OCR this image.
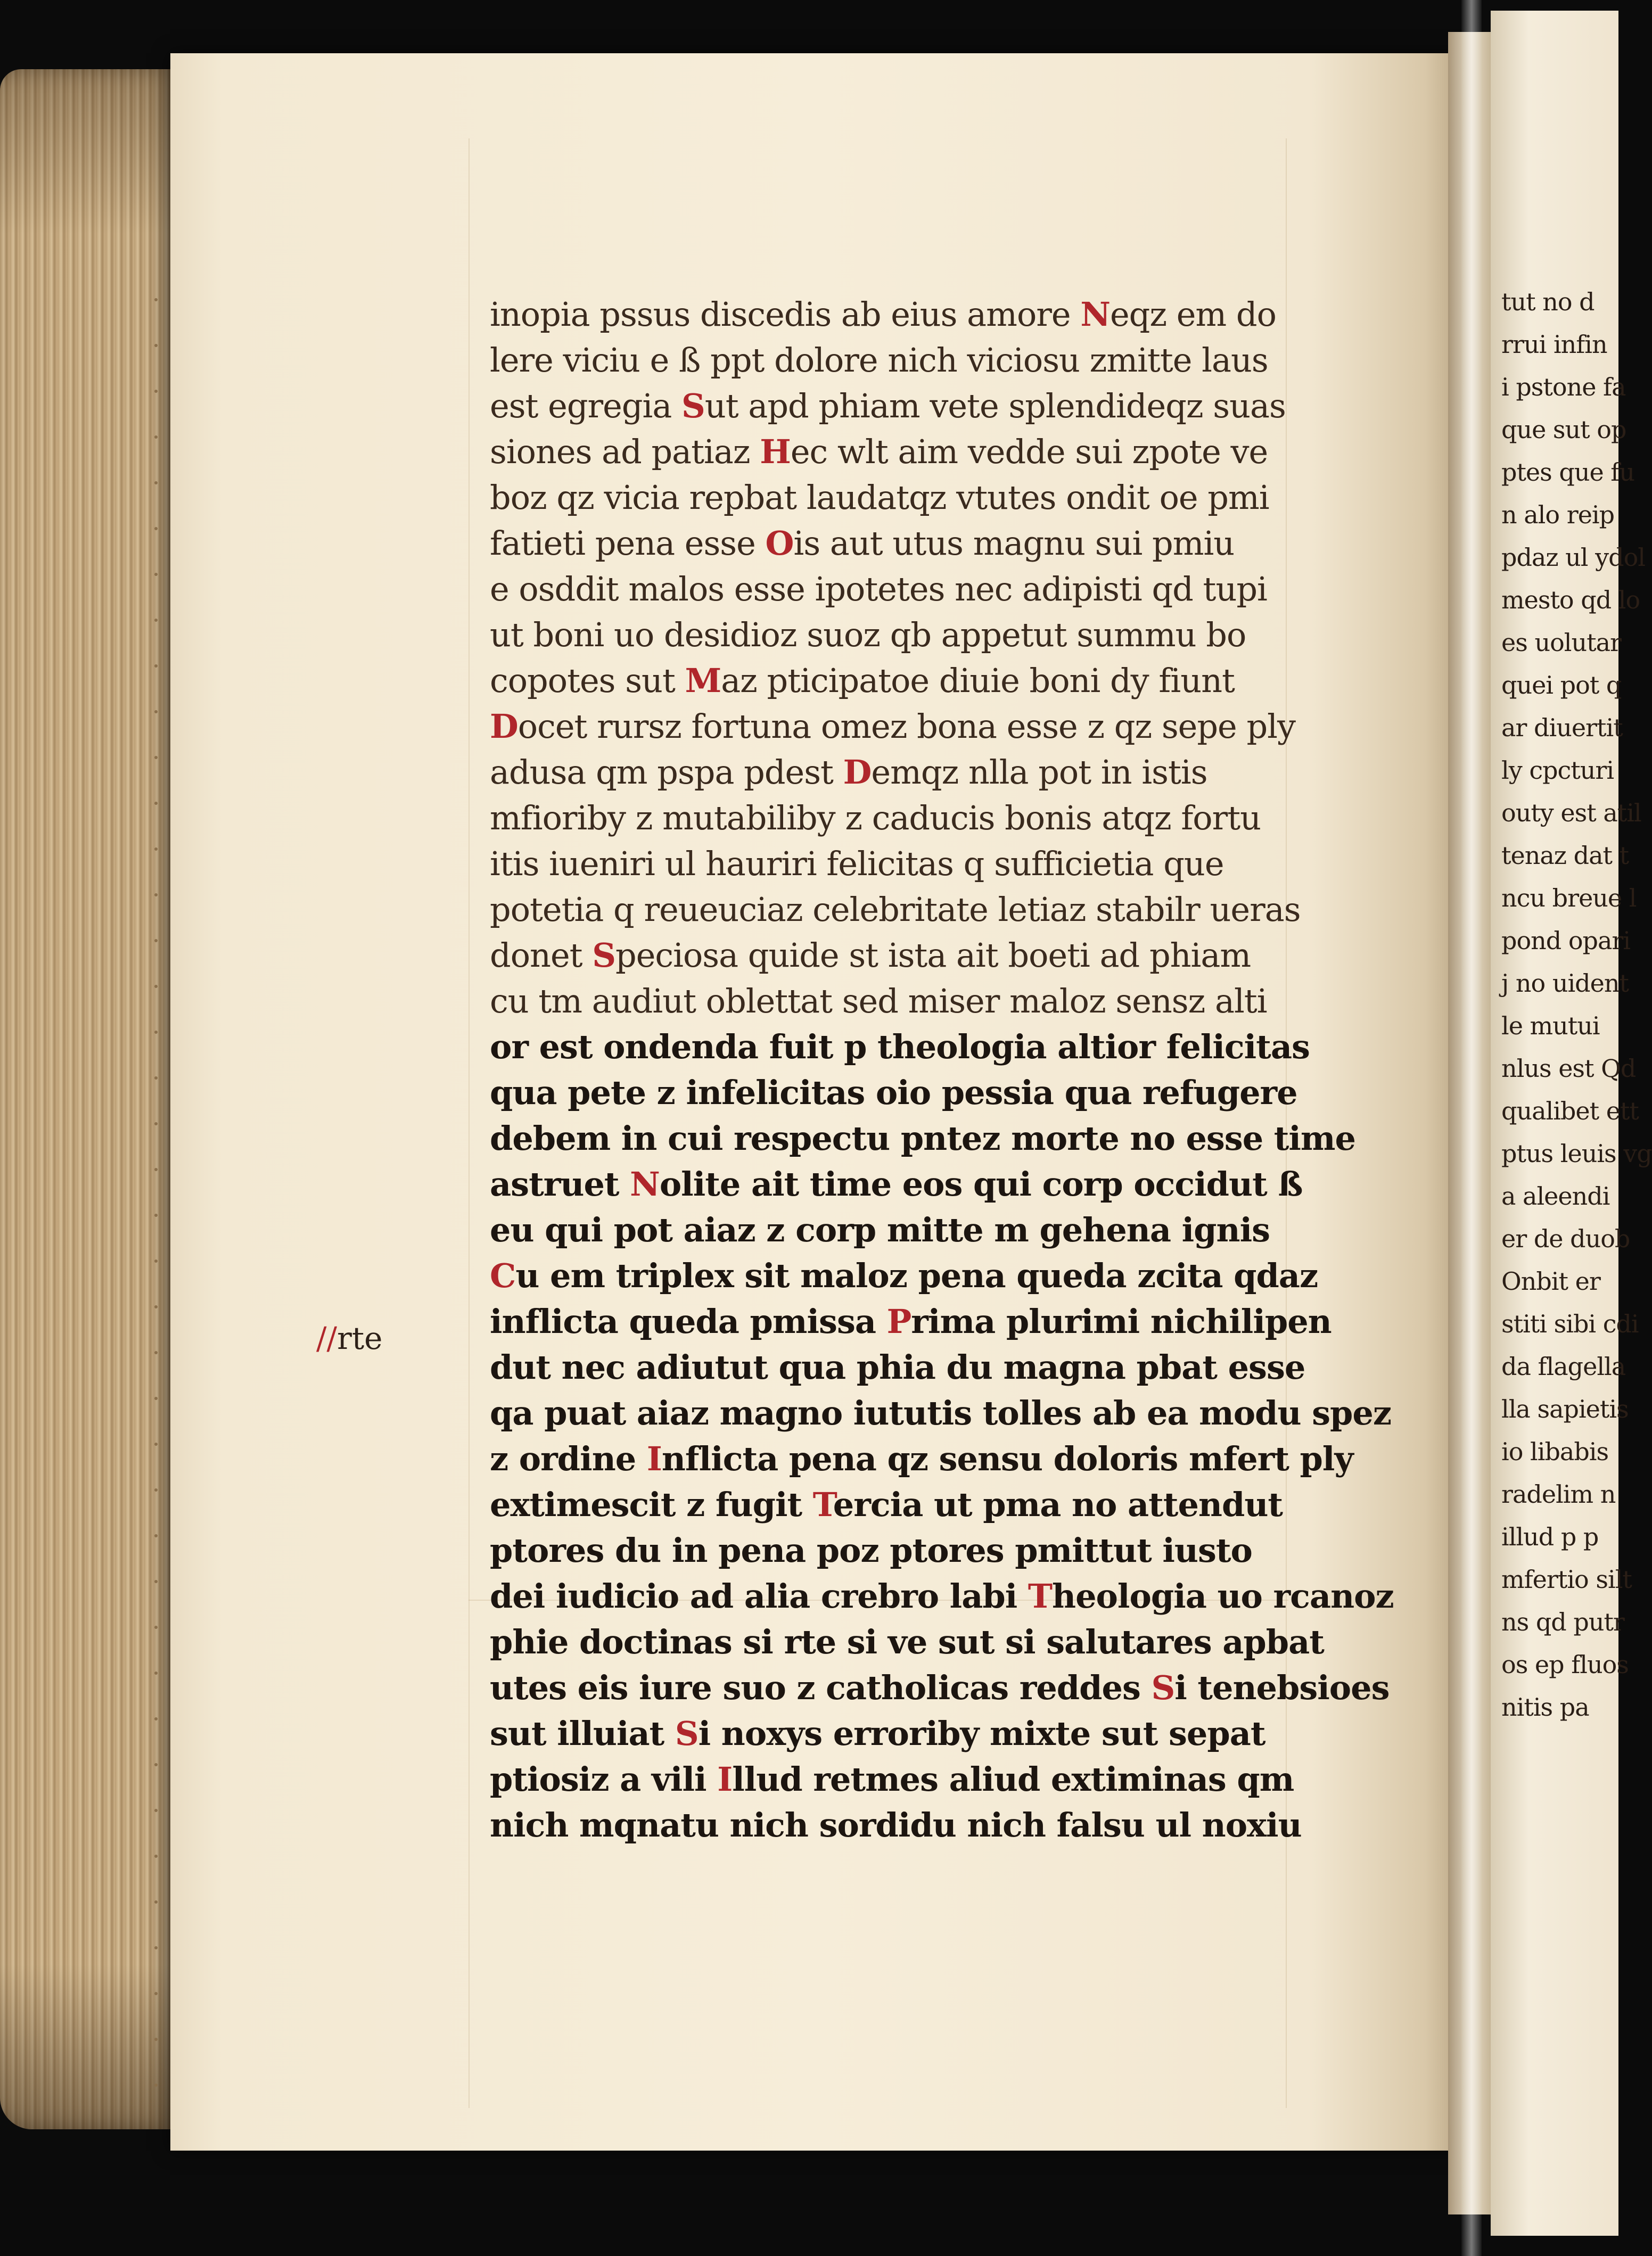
//rte
inopia pssus discedis ab eius amore Neqz em do
lere viciu e ß ppt dolore nich viciosu zmitte laus
est egregia Sut apd phiam vete splendideqz suas
siones ad patiaz Hec wlt aim vedde sui zpote ve
boz qz vicia repbat laudatqz vtutes ondit oe pmi
fatieti pena esse Ois aut utus magnu sui pmiu
e osddit malos esse ipotetes nec adipisti qd tupi
ut boni uo desidioz suoz qb appetut summu bo
copotes sut Maz pticipatoe diuie boni dy fiunt
Docet rursz fortuna omez bona esse z qz sepe ply
adusa qm pspa pdest Demqz nlla pot in istis
mfioriby z mutabiliby z caducis bonis atqz fortu
itis iueniri ul hauriri felicitas q sufficietia que
potetia q reueuciaz celebritate letiaz stabilr ueras
donet Speciosa quide st ista ait boeti ad phiam
cu tm audiut oblettat sed miser maloz sensz alti
or est ondenda fuit p theologia altior felicitas
qua pete z infelicitas oio pessia qua refugere
debem in cui respectu pntez morte no esse time
astruet Nolite ait time eos qui corp occidut ß
eu qui pot aiaz z corp mitte m gehena ignis
Cu em triplex sit maloz pena queda zcita qdaz
inflicta queda pmissa Prima plurimi nichilipen
dut nec adiutut qua phia du magna pbat esse
qa puat aiaz magno iututis tolles ab ea modu spez
z ordine Inflicta pena qz sensu doloris mfert ply
extimescit z fugit Tercia ut pma no attendut
ptores du in pena poz ptores pmittut iusto
dei iudicio ad alia crebro labi Theologia uo rcanoz
phie doctinas si rte si ve sut si salutares apbat
utes eis iure suo z catholicas reddes Si tenebsioes
sut illuiat Si noxys erroriby mixte sut sepat
ptiosiz a vili Illud retmes aliud extiminas qm
nich mqnatu nich sordidu nich falsu ul noxiu
tut no d
rrui infin
i pstone fa
que sut op
ptes que fu
n alo reip
pdaz ul ydol
mesto qd lo
es uolutar
quei pot q
ar diuertit
ly cpcturi
outy est atil
tenaz dat t
ncu breue l
pond opari
j no uident
le mutui
nlus est Qd
qualibet ett
ptus leuis vg
a aleendi
er de duob
Onbit er
stiti sibi cdi
da flagella
lla sapietis
io libabis
radelim n
illud p p
mfertio silt
ns qd putr
os ep fluos
nitis pa
